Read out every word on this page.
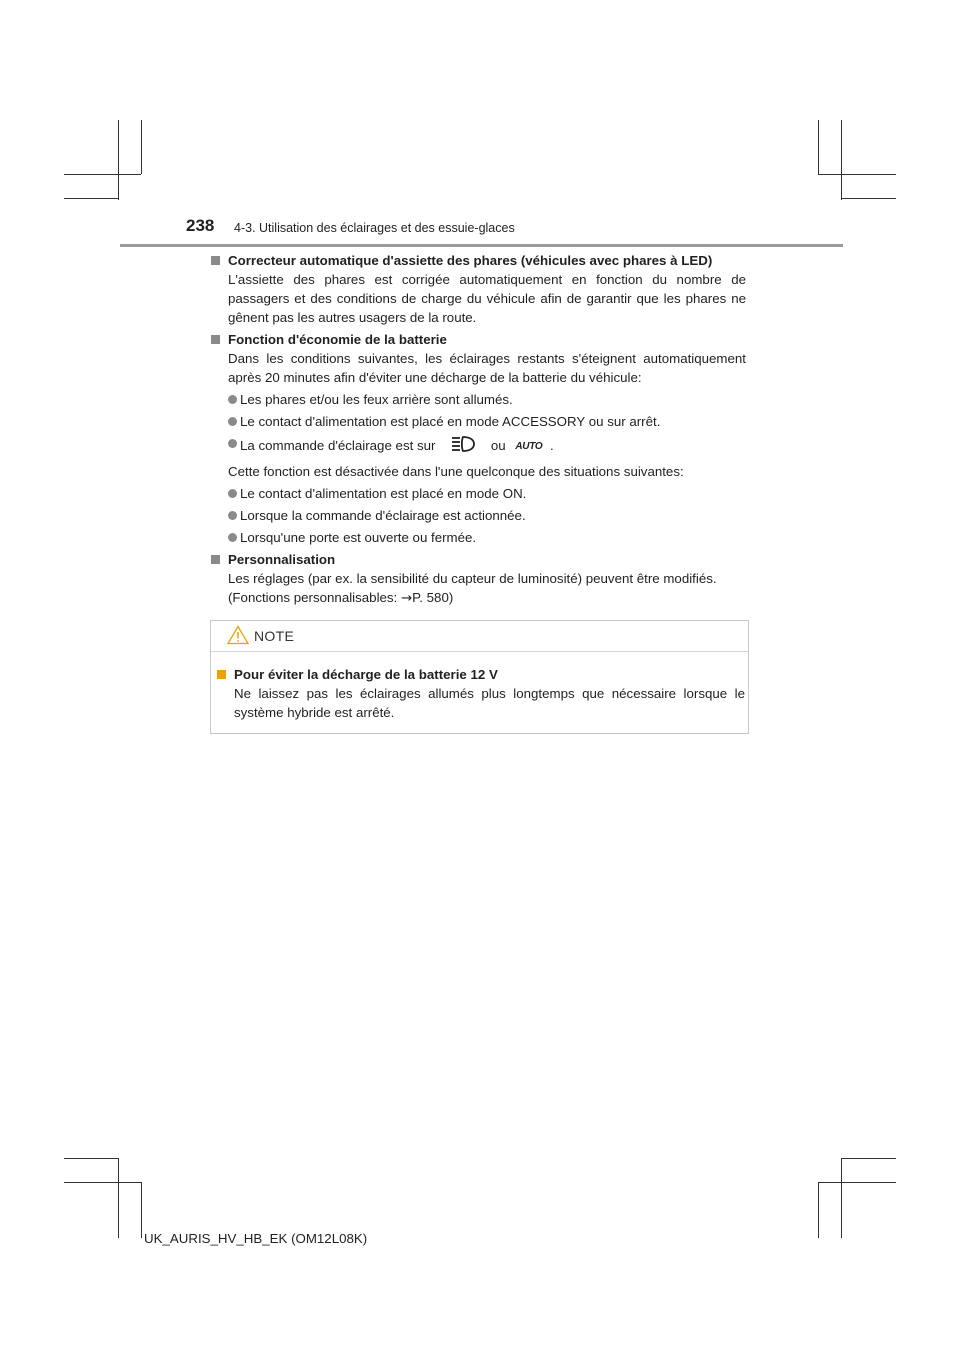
238 4-3. Utilisation des éclairages et des essuie-glaces
Correcteur automatique d'assiette des phares (véhicules avec phares à LED)
L'assiette des phares est corrigée automatiquement en fonction du nombre de passagers et des conditions de charge du véhicule afin de garantir que les phares ne gênent pas les autres usagers de la route.
Fonction d'économie de la batterie
Dans les conditions suivantes, les éclairages restants s'éteignent automatiquement après 20 minutes afin d'éviter une décharge de la batterie du véhicule:
Les phares et/ou les feux arrière sont allumés.
Le contact d'alimentation est placé en mode ACCESSORY ou sur arrêt.
La commande d'éclairage est sur	ou AUTO .
Cette fonction est désactivée dans l'une quelconque des situations suivantes:
Le contact d'alimentation est placé en mode ON.
Lorsque la commande d'éclairage est actionnée.
Lorsqu'une porte est ouverte ou fermée.
Personnalisation
Les réglages (par ex. la sensibilité du capteur de luminosité) peuvent être modifiés.
(Fonctions personnalisables: →P. 580)
NOTE
Pour éviter la décharge de la batterie 12 V
Ne laissez pas les éclairages allumés plus longtemps que nécessaire lorsque le système hybride est arrêté.
UK_AURIS_HV_HB_EK (OM12L08K)
